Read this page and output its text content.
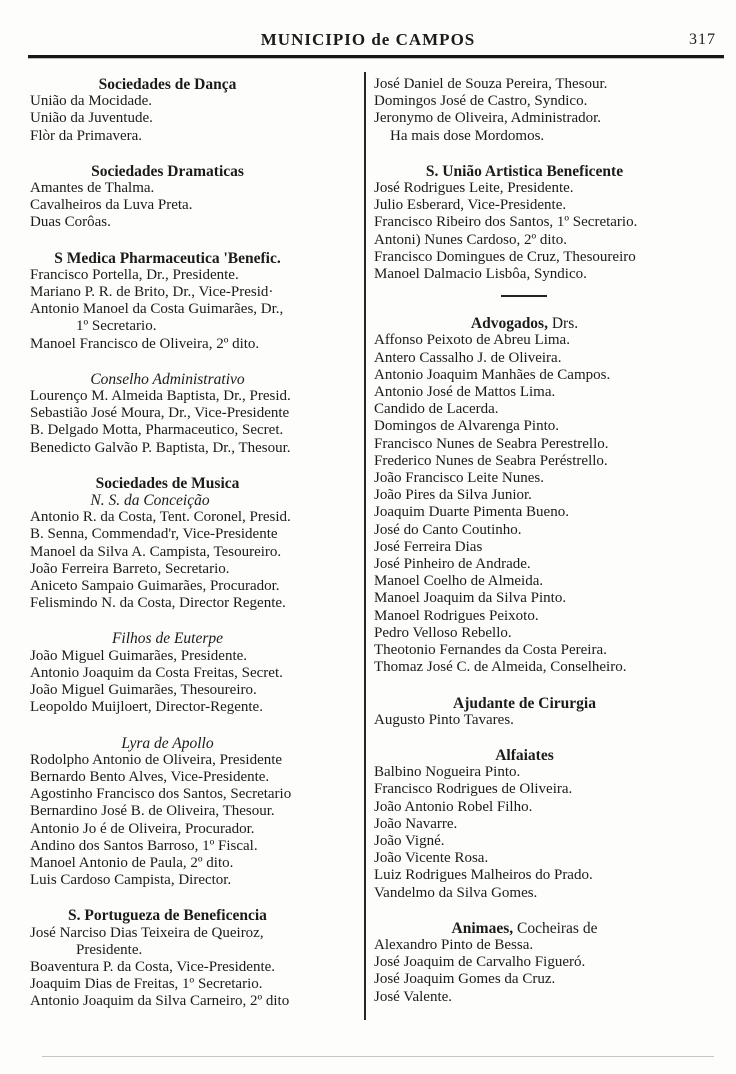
MUNICIPIO de CAMPOS	317
Sociedades de Dança
União da Mocidade.
União da Juventude.
Flòr da Primavera.
Sociedades Dramaticas
Amantes de Thalma.
Cavalheiros da Luva Preta.
Duas Corôas.
S Medica Pharmaceutica 'Benefic.
Francisco Portella, Dr., Presidente.
Mariano P. R. de Brito, Dr., Vice-Presid·
Antonio Manoel da Costa Guimarães, Dr.,
1º Secretario.
Manoel Francisco de Oliveira, 2º dito.
Conselho Administrativo
Lourenço M. Almeida Baptista, Dr., Presid.
Sebastião José Moura, Dr., Vice-Presidente
B. Delgado Motta, Pharmaceutico, Secret.
Benedicto Galvão P. Baptista, Dr., Thesour.
Sociedades de Musica
N. S. da Conceição
Antonio R. da Costa, Tent. Coronel, Presid.
B. Senna, Commendad'r, Vice-Presidente
Manoel da Silva A. Campista, Tesoureiro.
João Ferreira Barreto, Secretario.
Aniceto Sampaio Guimarães, Procurador.
Felismindo N. da Costa, Director Regente.
Filhos de Euterpe
João Miguel Guimarães, Presidente.
Antonio Joaquim da Costa Freitas, Secret.
João Miguel Guimarães, Thesoureiro.
Leopoldo Muijloert, Director-Regente.
Lyra de Apollo
Rodolpho Antonio de Oliveira, Presidente
Bernardo Bento Alves, Vice-Presidente.
Agostinho Francisco dos Santos, Secretario
Bernardino José B. de Oliveira, Thesour.
Antonio Jo é de Oliveira, Procurador.
Andino dos Santos Barroso, 1º Fiscal.
Manoel Antonio de Paula, 2º dito.
Luis Cardoso Campista, Director.
S. Portugueza de Beneficencia
José Narciso Dias Teixeira de Queiroz,
Presidente.
Boaventura P. da Costa, Vice-Presidente.
Joaquim Dias de Freitas, 1º Secretario.
Antonio Joaquim da Silva Carneiro, 2º dito
José Daniel de Souza Pereira, Thesour.
Domingos José de Castro, Syndico.
Jeronymo de Oliveira, Administrador.
Ha mais dose Mordomos.
S. União Artistica Beneficente
José Rodrigues Leite, Presidente.
Julio Esberard, Vice-Presidente.
Francisco Ribeiro dos Santos, 1º Secretario.
Antoni) Nunes Cardoso, 2º dito.
Francisco Domingues de Cruz, Thesoureiro
Manoel Dalmacio Lisbôa, Syndico.
Advogados, Drs.
Affonso Peixoto de Abreu Lima.
Antero Cassalho J. de Oliveira.
Antonio Joaquim Manhães de Campos.
Antonio José de Mattos Lima.
Candido de Lacerda.
Domingos de Alvarenga Pinto.
Francisco Nunes de Seabra Perestrello.
Frederico Nunes de Seabra Peréstrello.
João Francisco Leite Nunes.
João Pires da Silva Junior.
Joaquim Duarte Pimenta Bueno.
José do Canto Coutinho.
José Ferreira Dias
José Pinheiro de Andrade.
Manoel Coelho de Almeida.
Manoel Joaquim da Silva Pinto.
Manoel Rodrigues Peixoto.
Pedro Velloso Rebello.
Theotonio Fernandes da Costa Pereira.
Thomaz José C. de Almeida, Conselheiro.
Ajudante de Cirurgia
Augusto Pinto Tavares.
Alfaiates
Balbino Nogueira Pinto.
Francisco Rodrigues de Oliveira.
João Antonio Robel Filho.
João Navarre.
João Vigné.
João Vicente Rosa.
Luiz Rodrigues Malheiros do Prado.
Vandelmo da Silva Gomes.
Animaes, Cocheiras de
Alexandro Pinto de Bessa.
José Joaquim de Carvalho Figueró.
José Joaquim Gomes da Cruz.
José Valente.
